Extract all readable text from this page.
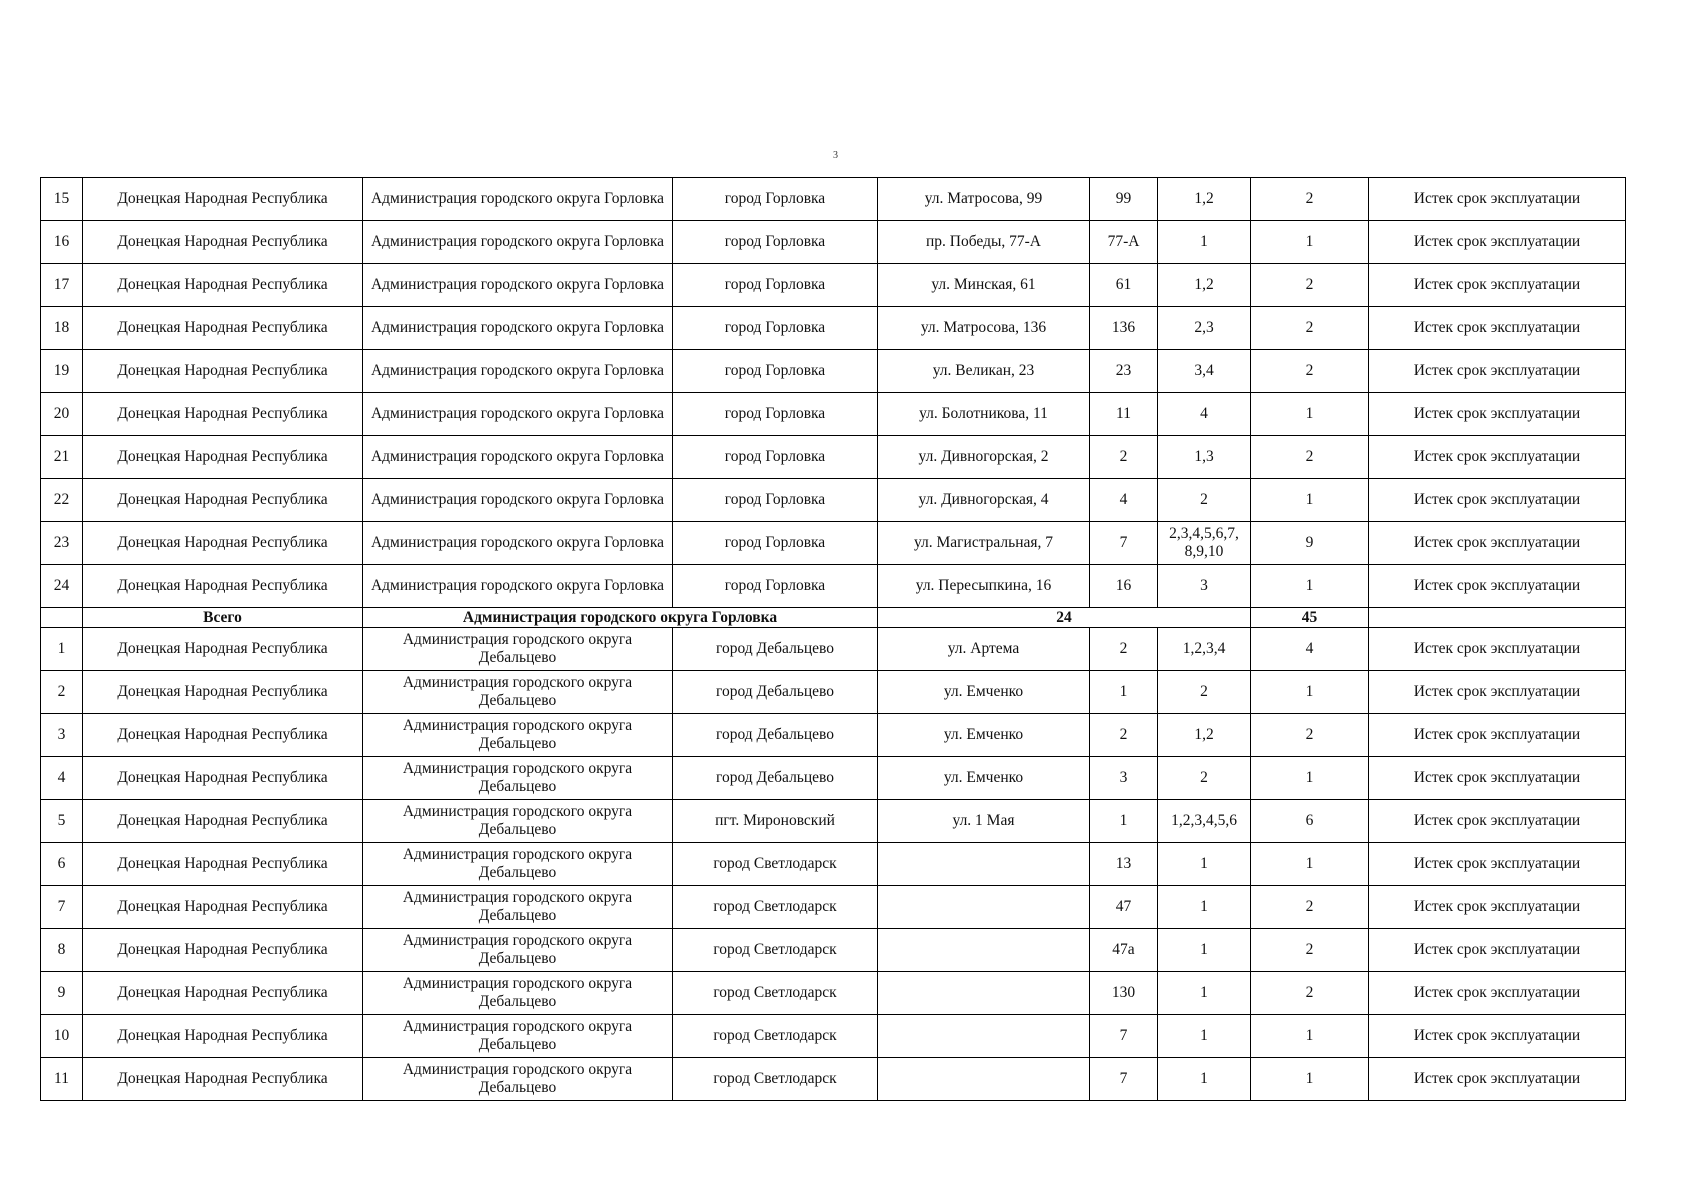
3
15	Донецкая Народная Республика	Администрация городского округа Горловка	город Горловка	ул. Матросова, 99	99	1,2	2	Истек срок эксплуатации
16	Донецкая Народная Республика	Администрация городского округа Горловка	город Горловка	пр. Победы, 77-А	77-А	1	1	Истек срок эксплуатации
17	Донецкая Народная Республика	Администрация городского округа Горловка	город Горловка	ул. Минская, 61	61	1,2	2	Истек срок эксплуатации
18	Донецкая Народная Республика	Администрация городского округа Горловка	город Горловка	ул. Матросова, 136	136	2,3	2	Истек срок эксплуатации
19	Донецкая Народная Республика	Администрация городского округа Горловка	город Горловка	ул. Великан, 23	23	3,4	2	Истек срок эксплуатации
20	Донецкая Народная Республика	Администрация городского округа Горловка	город Горловка	ул. Болотникова, 11	11	4	1	Истек срок эксплуатации
21	Донецкая Народная Республика	Администрация городского округа Горловка	город Горловка	ул. Дивногорская, 2	2	1,3	2	Истек срок эксплуатации
22	Донецкая Народная Республика	Администрация городского округа Горловка	город Горловка	ул. Дивногорская, 4	4	2	1	Истек срок эксплуатации
23	Донецкая Народная Республика	Администрация городского округа Горловка	город Горловка	ул. Магистральная, 7	7	2,3,4,5,6,7, 8,9,10	9	Истек срок эксплуатации
24	Донецкая Народная Республика	Администрация городского округа Горловка	город Горловка	ул. Пересыпкина, 16	16	3	1	Истек срок эксплуатации
	Всего	Администрация городского округа Горловка		24			45	
1	Донецкая Народная Республика	Администрация городского округа Дебальцево	город Дебальцево	ул. Артема	2	1,2,3,4	4	Истек срок эксплуатации
2	Донецкая Народная Республика	Администрация городского округа Дебальцево	город Дебальцево	ул. Емченко	1	2	1	Истек срок эксплуатации
3	Донецкая Народная Республика	Администрация городского округа Дебальцево	город Дебальцево	ул. Емченко	2	1,2	2	Истек срок эксплуатации
4	Донецкая Народная Республика	Администрация городского округа Дебальцево	город Дебальцево	ул. Емченко	3	2	1	Истек срок эксплуатации
5	Донецкая Народная Республика	Администрация городского округа Дебальцево	пгт. Мироновский	ул. 1 Мая	1	1,2,3,4,5,6	6	Истек срок эксплуатации
6	Донецкая Народная Республика	Администрация городского округа Дебальцево	город Светлодарск		13	1	1	Истек срок эксплуатации
7	Донецкая Народная Республика	Администрация городского округа Дебальцево	город Светлодарск		47	1	2	Истек срок эксплуатации
8	Донецкая Народная Республика	Администрация городского округа Дебальцево	город Светлодарск		47а	1	2	Истек срок эксплуатации
9	Донецкая Народная Республика	Администрация городского округа Дебальцево	город Светлодарск		130	1	2	Истек срок эксплуатации
10	Донецкая Народная Республика	Администрация городского округа Дебальцево	город Светлодарск		7	1	1	Истек срок эксплуатации
11	Донецкая Народная Республика	Администрация городского округа Дебальцево	город Светлодарск		7	1	1	Истек срок эксплуатации
